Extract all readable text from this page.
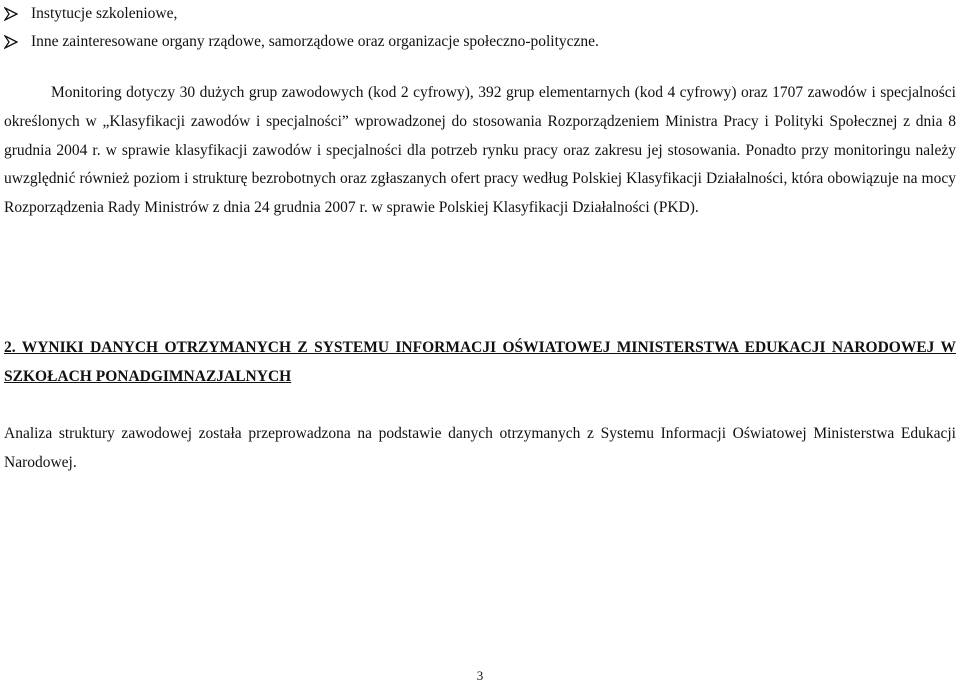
Instytucje szkoleniowe,
Inne zainteresowane organy rządowe, samorządowe oraz organizacje społeczno-polityczne.

Monitoring dotyczy 30 dużych grup zawodowych (kod 2 cyfrowy), 392 grup elementarnych (kod 4 cyfrowy) oraz 1707 zawodów i specjalności określonych w „Klasyfikacji zawodów i specjalności” wprowadzonej do stosowania Rozporządzeniem Ministra Pracy i Polityki Społecznej z dnia 8 grudnia 2004 r. w sprawie klasyfikacji zawodów i specjalności dla potrzeb rynku pracy oraz zakresu jej stosowania. Ponadto przy monitoringu należy uwzględnić również poziom i strukturę bezrobotnych oraz zgłaszanych ofert pracy według Polskiej Klasyfikacji Działalności, która obowiązuje na mocy Rozporządzenia Rady Ministrów z dnia 24 grudnia 2007 r. w sprawie Polskiej Klasyfikacji Działalności (PKD).

2. WYNIKI DANYCH OTRZYMANYCH Z SYSTEMU INFORMACJI OŚWIATOWEJ MINISTERSTWA EDUKACJI NARODOWEJ W SZKOŁACH PONADGIMNAZJALNYCH

Analiza struktury zawodowej została przeprowadzona na podstawie danych otrzymanych z Systemu Informacji Oświatowej Ministerstwa Edukacji Narodowej.

3
